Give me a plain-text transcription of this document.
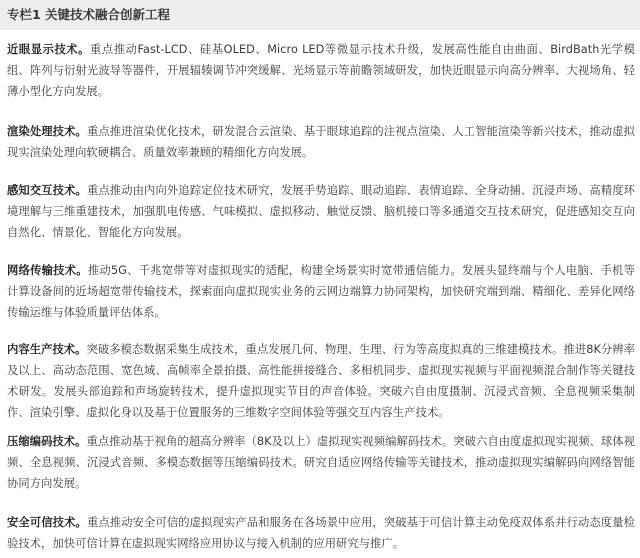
专栏1 关键技术融合创新工程

近眼显示技术。重点推动Fast-LCD、硅基OLED、Micro LED等微显示技术升级，发展高性能自由曲面、BirdBath光学模组、阵列与衍射光波导等器件，开展辐辏调节冲突缓解、光场显示等前瞻领域研发，加快近眼显示向高分辨率、大视场角、轻薄小型化方向发展。

渲染处理技术。重点推进渲染优化技术，研发混合云渲染、基于眼球追踪的注视点渲染、人工智能渲染等新兴技术，推动虚拟现实渲染处理向软硬耦合、质量效率兼顾的精细化方向发展。

感知交互技术。重点推动由内向外追踪定位技术研究，发展手势追踪、眼动追踪、表情追踪、全身动捕、沉浸声场、高精度环境理解与三维重建技术，加强肌电传感、气味模拟、虚拟移动、触觉反馈、脑机接口等多通道交互技术研究，促进感知交互向自然化、情景化、智能化方向发展。

网络传输技术。推动5G、千兆宽带等对虚拟现实的适配，构建全场景实时宽带通信能力。发展头显终端与个人电脑、手机等计算设备间的近场超宽带传输技术，探索面向虚拟现实业务的云网边端算力协同架构，加快研究端到端、精细化、差异化网络传输运维与体验质量评估体系。

内容生产技术。突破多模态数据采集生成技术，重点发展几何、物理、生理、行为等高度拟真的三维建模技术。推进8K分辨率及以上、高动态范围、宽色域、高帧率全景拍摄、高性能拼接缝合、多相机同步、虚拟现实视频与平面视频混合制作等关键技术研发。发展头部追踪和声场旋转技术，提升虚拟现实节目的声音体验。突破六自由度摄制、沉浸式音频、全息视频采集制作、渲染引擎、虚拟化身以及基于位置服务的三维数字空间体验等强交互内容生产技术。

压缩编码技术。重点推动基于视角的超高分辨率（8K及以上）虚拟现实视频编解码技术。突破六自由度虚拟现实视频、球体视频、全息视频、沉浸式音频、多模态数据等压缩编码技术。研究自适应网络传输等关键技术，推动虚拟现实编解码向网络智能协同方向发展。

安全可信技术。重点推动安全可信的虚拟现实产品和服务在各场景中应用，突破基于可信计算主动免疫双体系并行动态度量检验技术，加快可信计算在虚拟现实网络应用协议与接入机制的应用研究与推广。
